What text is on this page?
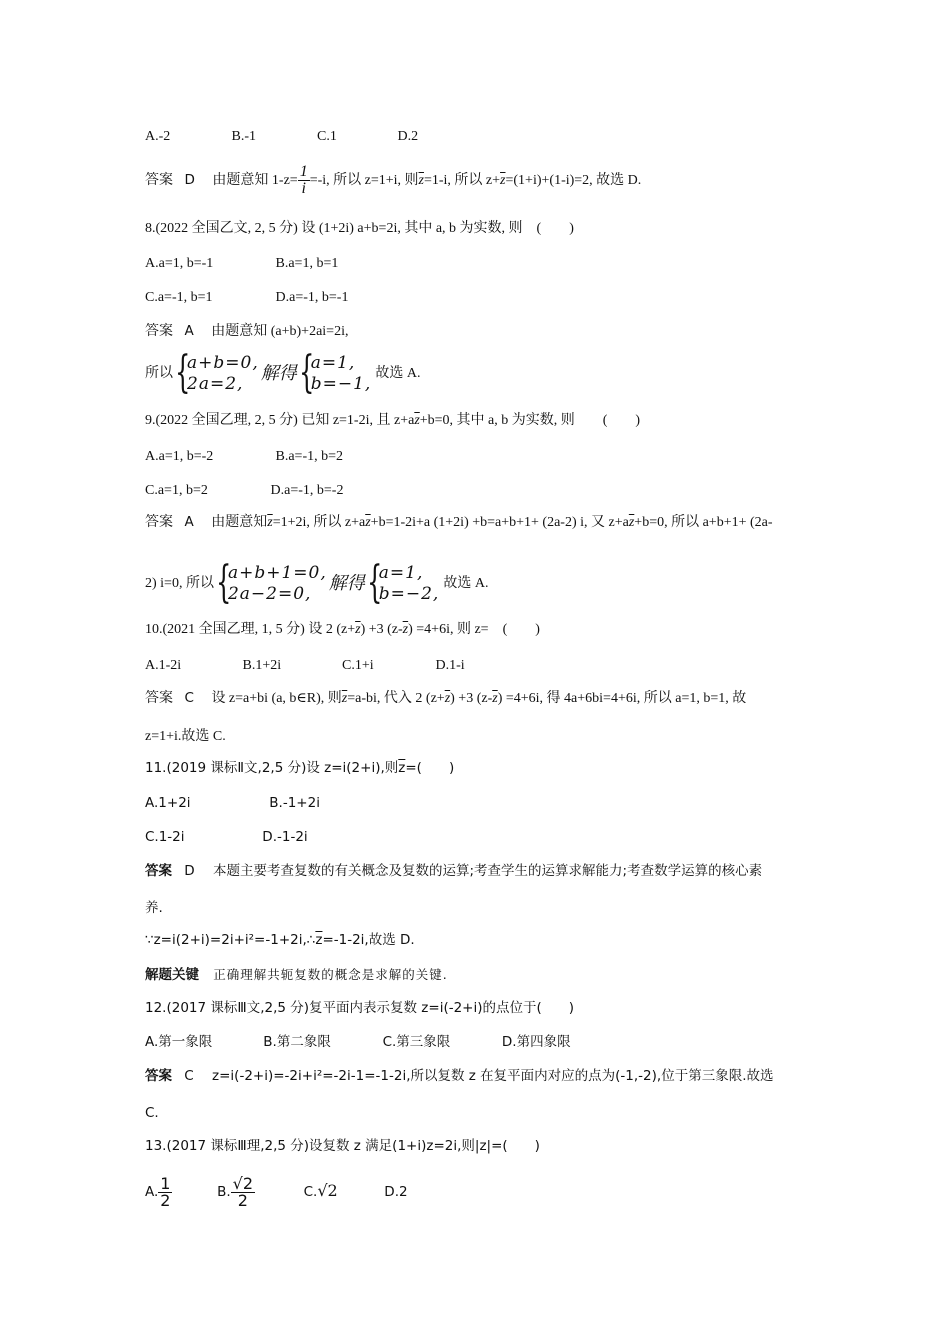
A.-2	B.-1	C.1	D.2
答案 D 由题意知 $1-z= \frac{1}{i} =-i$, 所以 z=1+i, 则$\overline{z}=1-i$, 所以 $z+\overline{z}=(1+i)+(1-i)=2$, 故选 D.
8.(2022 全国乙文, 2, 5 分) 设 (1+2i) a+b=2i, 其中 a, b 为实数, 则　(　　)
A.a=1, b=-1	B.a=1, b=1
C.a=-1, b=1	D.a=-1, b=-1
答案 A 由题意知 (a+b)+2ai=2i,
所以 {
a+b=0,
2a=2, 解得 {
a=1,
b=−1,
故选 A.
9.(2022 全国乙理, 2, 5 分) 已知 z=1-2i, 且 $z+a\overline{z}+b=0$, 其中 a, b 为实数, 则　　(　　)
A.a=1, b=-2	B.a=-1, b=2
C.a=1, b=2	D.a=-1, b=-2
答案 A 由题意知$\overline{z}=1+2i$, 所以 $z+a\overline{z}+b=1-2i+a$ (1+2i) +b=a+b+1+ (2a-2) i, 又 $z+a\overline{z}+b=0$, 所以 a+b+1+ (2a-
2) i=0, 所以 {
a+b+1=0,
2a−2=0, 解得 {
a=1,
b=−2,
故选 A.
10.(2021 全国乙理, 1, 5 分) 设 2 $(z+\overline{z}) +3$ $(z-\overline{z}) =4+6i$, 则 z=　(　　)
A.1-2i	B.1+2i	C.1+i	D.1-i
答案 C 设 z=a+bi (a, b∈R), 则$\overline{z}=a-bi$, 代入 2 $(z+\overline{z}) +3$ $(z-\overline{z}) =4+6i$, 得 4a+6bi=4+6i, 所以 a=1, b=1, 故
z=1+i.故选 C.
11.(2019 课标Ⅱ文,2,5 分)设 z=i(2+i),则$\overline{z}=$(　　)
A.1+2i	B.-1+2i
C.1-2i	D.-1-2i
答案 D 本题主要考查复数的有关概念及复数的运算;考查学生的运算求解能力;考查数学运算的核心素
养.
$\because z=i(2+i)=2i+i^2=-1+2i,\therefore\overline{z}=-1-2i$,故选 D.
解题关键 正确理解共轭复数的概念是求解的关键.
12.(2017 课标Ⅲ文,2,5 分)复平面内表示复数 z=i(-2+i)的点位于(　　)
A.第一象限	B.第二象限	C.第三象限	D.第四象限
答案 C z=i(-2+i)=-2i+i²=-2i-1=-1-2i,所以复数 z 在复平面内对应的点为(-1,-2),位于第三象限.故选
C.
13.(2017 课标Ⅲ理,2,5 分)设复数 z 满足(1+i)z=2i,则|z|=(　　)
A. $\frac{1}{2}$	B. $\frac{√2}{2}$	C.√2	D.2
